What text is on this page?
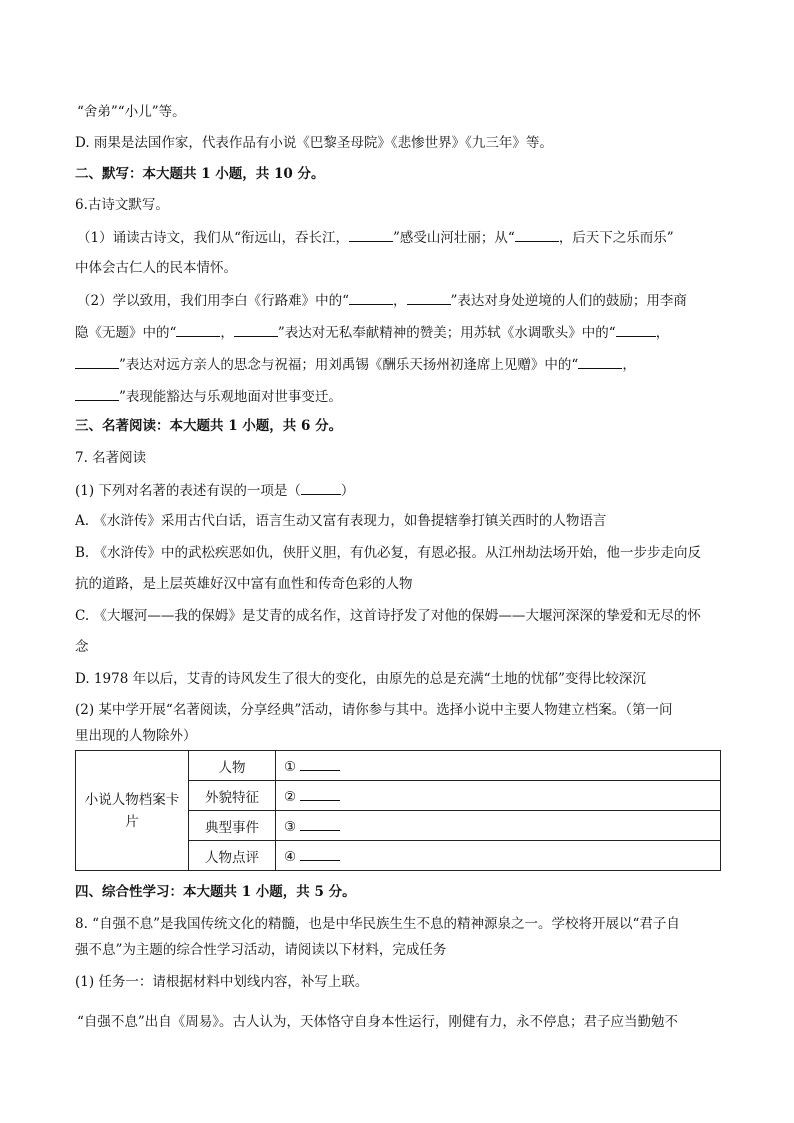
“舍弟”“小儿”等。
D. 雨果是法国作家，代表作品有小说《巴黎圣母院》《悲惨世界》《九三年》等。
二、默写：本大题共 1 小题，共 10 分。
6.古诗文默写。
（1）诵读古诗文，我们从“衔远山，吞长江，	”感受山河壮丽；从“	，后天下之乐而乐”
中体会古仁人的民本情怀。
（2）学以致用，我们用李白《行路难》中的“	，	”表达对身处逆境的人们的鼓励；用李商
隐《无题》中的“	，	”表达对无私奉献精神的赞美；用苏轼《水调歌头》中的“	，
”表达对远方亲人的思念与祝福；用刘禹锡《酬乐天扬州初逢席上见赠》中的“	，
”表现能豁达与乐观地面对世事变迁。
三、名著阅读：本大题共 1 小题，共 6 分。
7. 名著阅读
(1) 下列对名著的表述有误的一项是（	）
A. 《水浒传》采用古代白话，语言生动又富有表现力，如鲁提辖拳打镇关西时的人物语言
B. 《水浒传》中的武松疾恶如仇，侠肝义胆，有仇必复，有恩必报。从江州劫法场开始，他一步步走向反
抗的道路，是上层英雄好汉中富有血性和传奇色彩的人物
C. 《大堰河——我的保姆》是艾青的成名作，这首诗抒发了对他的保姆——大堰河深深的挚爱和无尽的怀
念
D. 1978 年以后，艾青的诗风发生了很大的变化，由原先的总是充满“土地的忧郁”变得比较深沉
(2) 某中学开展“名著阅读，分享经典”活动，请你参与其中。选择小说中主要人物建立档案。（第一问
里出现的人物除外）
小说人物档案卡片	人物	①
	外貌特征	②
	典型事件	③
	人物点评	④
四、综合性学习：本大题共 1 小题，共 5 分。
8. “自强不息”是我国传统文化的精髓，也是中华民族生生不息的精神源泉之一。学校将开展以“君子自
强不息”为主题的综合性学习活动，请阅读以下材料，完成任务
(1) 任务一：请根据材料中划线内容，补写上联。
“自强不息”出自《周易》。古人认为，天体恪守自身本性运行，刚健有力，永不停息；君子应当勤勉不
